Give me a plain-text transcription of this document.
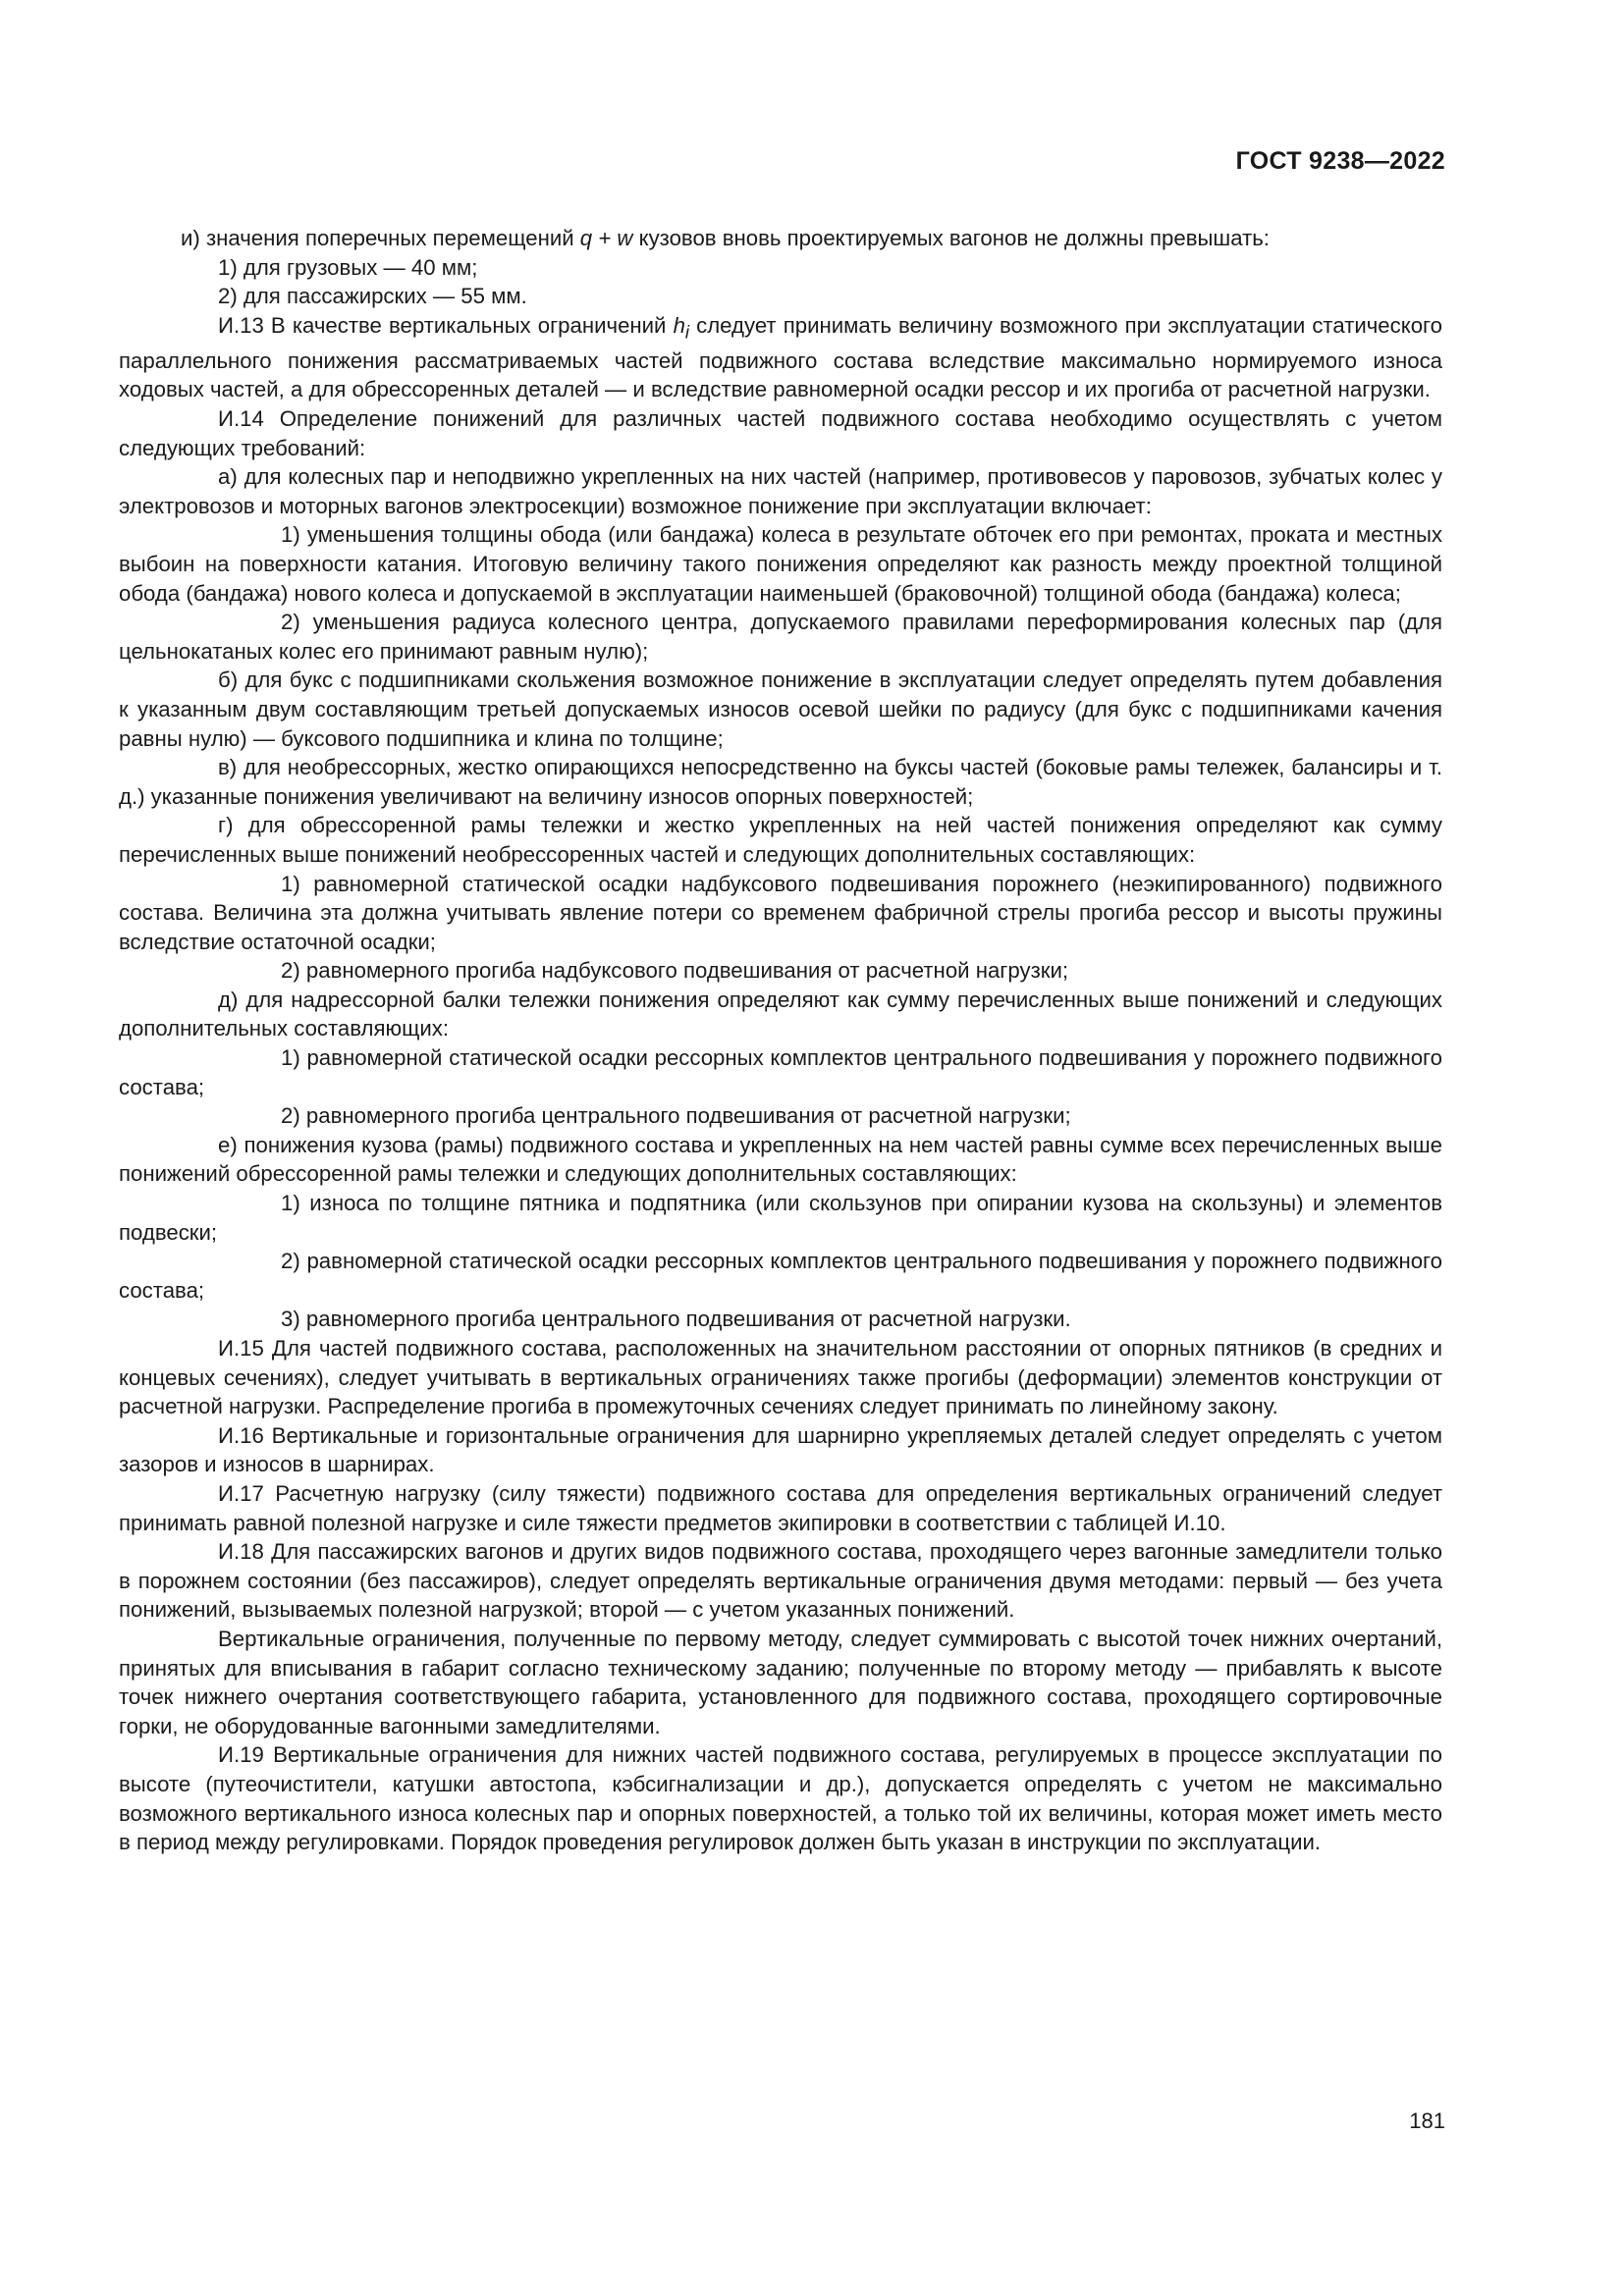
ГОСТ 9238—2022

и) значения поперечных перемещений q + w кузовов вновь проектируемых вагонов не должны превышать:

1) для грузовых — 40 мм;

2) для пассажирских — 55 мм.

И.13 В качестве вертикальных ограничений $h_i$ следует принимать величину возможного при эксплуатации статического параллельного понижения рассматриваемых частей подвижного состава вследствие максимально нормируемого износа ходовых частей, а для обрессоренных деталей — и вследствие равномерной осадки рессор и их прогиба от расчетной нагрузки.

И.14 Определение понижений для различных частей подвижного состава необходимо осуществлять с учетом следующих требований:

а) для колесных пар и неподвижно укрепленных на них частей (например, противовесов у паровозов, зубчатых колес у электровозов и моторных вагонов электросекции) возможное понижение при эксплуатации включает:

1) уменьшения толщины обода (или бандажа) колеса в результате обточек его при ремонтах, проката и местных выбоин на поверхности катания. Итоговую величину такого понижения определяют как разность между проектной толщиной обода (бандажа) нового колеса и допускаемой в эксплуатации наименьшей (браковочной) толщиной обода (бандажа) колеса;

2) уменьшения радиуса колесного центра, допускаемого правилами переформирования колесных пар (для цельнокатаных колес его принимают равным нулю);

б) для букс с подшипниками скольжения возможное понижение в эксплуатации следует определять путем добавления к указанным двум составляющим третьей допускаемых износов осевой шейки по радиусу (для букс с подшипниками качения равны нулю) — буксового подшипника и клина по толщине;

в) для необрессорных, жестко опирающихся непосредственно на буксы частей (боковые рамы тележек, балансиры и т. д.) указанные понижения увеличивают на величину износов опорных поверхностей;

г) для обрессоренной рамы тележки и жестко укрепленных на ней частей понижения определяют как сумму перечисленных выше понижений необрессоренных частей и следующих дополнительных составляющих:

1) равномерной статической осадки надбуксового подвешивания порожнего (неэкипированного) подвижного состава. Величина эта должна учитывать явление потери со временем фабричной стрелы прогиба рессор и высоты пружины вследствие остаточной осадки;

2) равномерного прогиба надбуксового подвешивания от расчетной нагрузки;

д) для надрессорной балки тележки понижения определяют как сумму перечисленных выше понижений и следующих дополнительных составляющих:

1) равномерной статической осадки рессорных комплектов центрального подвешивания у порожнего подвижного состава;

2) равномерного прогиба центрального подвешивания от расчетной нагрузки;

е) понижения кузова (рамы) подвижного состава и укрепленных на нем частей равны сумме всех перечисленных выше понижений обрессоренной рамы тележки и следующих дополнительных составляющих:

1) износа по толщине пятника и подпятника (или скользунов при опирании кузова на скользуны) и элементов подвески;

2) равномерной статической осадки рессорных комплектов центрального подвешивания у порожнего подвижного состава;

3) равномерного прогиба центрального подвешивания от расчетной нагрузки.

И.15 Для частей подвижного состава, расположенных на значительном расстоянии от опорных пятников (в средних и концевых сечениях), следует учитывать в вертикальных ограничениях также прогибы (деформации) элементов конструкции от расчетной нагрузки. Распределение прогиба в промежуточных сечениях следует принимать по линейному закону.

И.16 Вертикальные и горизонтальные ограничения для шарнирно укрепляемых деталей следует определять с учетом зазоров и износов в шарнирах.

И.17 Расчетную нагрузку (силу тяжести) подвижного состава для определения вертикальных ограничений следует принимать равной полезной нагрузке и силе тяжести предметов экипировки в соответствии с таблицей И.10.

И.18 Для пассажирских вагонов и других видов подвижного состава, проходящего через вагонные замедлители только в порожнем состоянии (без пассажиров), следует определять вертикальные ограничения двумя методами: первый — без учета понижений, вызываемых полезной нагрузкой; второй — с учетом указанных понижений.

Вертикальные ограничения, полученные по первому методу, следует суммировать с высотой точек нижних очертаний, принятых для вписывания в габарит согласно техническому заданию; полученные по второму методу — прибавлять к высоте точек нижнего очертания соответствующего габарита, установленного для подвижного состава, проходящего сортировочные горки, не оборудованные вагонными замедлителями.

И.19 Вертикальные ограничения для нижних частей подвижного состава, регулируемых в процессе эксплуатации по высоте (путеочистители, катушки автостопа, кэбсигнализации и др.), допускается определять с учетом не максимально возможного вертикального износа колесных пар и опорных поверхностей, а только той их величины, которая может иметь место в период между регулировками. Порядок проведения регулировок должен быть указан в инструкции по эксплуатации.

181
